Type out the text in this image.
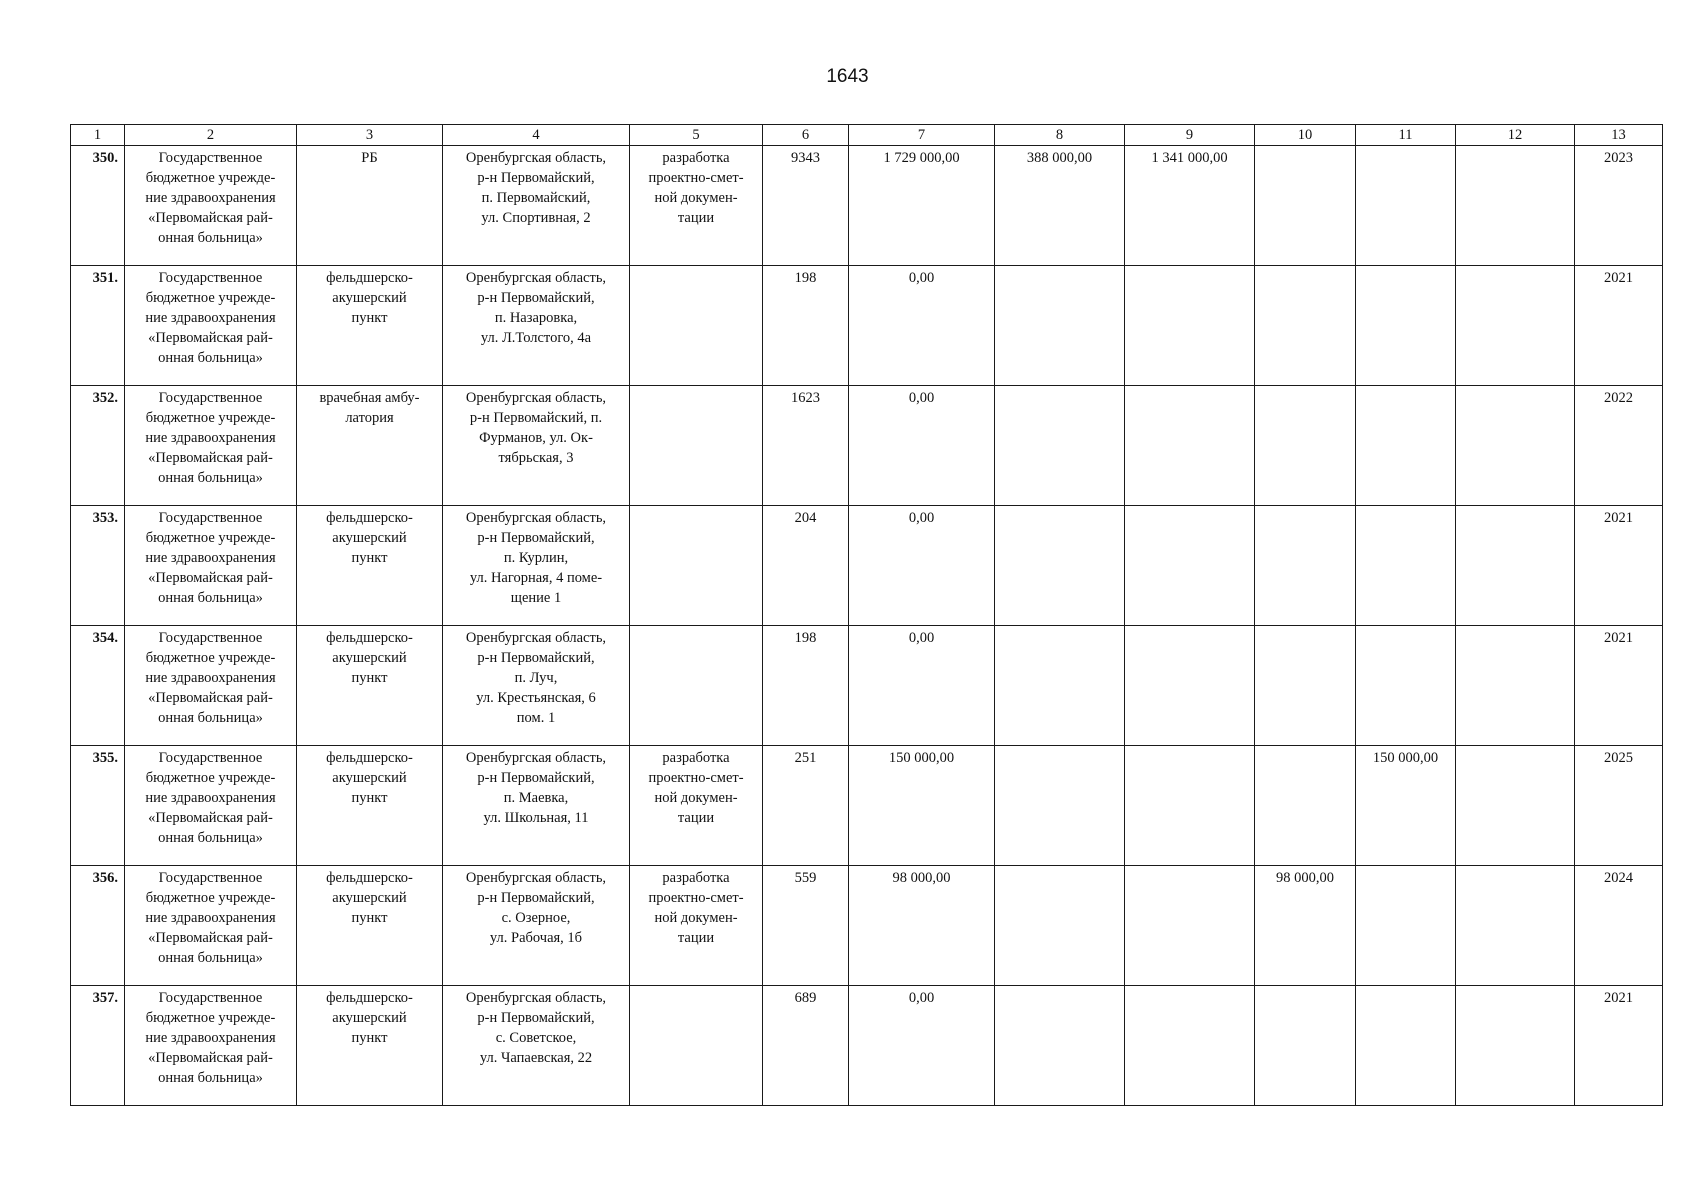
1643
1	2	3	4	5	6	7	8	9	10	11	12	13
350.	Государственное
бюджетное учрежде-
ние здравоохранения
«Первомайская рай-
онная больница»	РБ	Оренбургская область,
р-н Первомайский,
п. Первомайский,
ул. Спортивная, 2	разработка
проектно-смет-
ной докумен-
тации	9343	1 729 000,00	388 000,00	1 341 000,00				2023
351.	Государственное
бюджетное учрежде-
ние здравоохранения
«Первомайская рай-
онная больница»	фельдшерско-
акушерский
пункт	Оренбургская область,
р-н Первомайский,
п. Назаровка,
ул. Л.Толстого, 4а		198	0,00						2021
352.	Государственное
бюджетное учрежде-
ние здравоохранения
«Первомайская рай-
онная больница»	врачебная амбу-
латория	Оренбургская область,
р-н Первомайский, п.
Фурманов, ул. Ок-
тябрьская, 3		1623	0,00						2022
353.	Государственное
бюджетное учрежде-
ние здравоохранения
«Первомайская рай-
онная больница»	фельдшерско-
акушерский
пункт	Оренбургская область,
р-н Первомайский,
п. Курлин,
ул. Нагорная, 4 поме-
щение 1		204	0,00						2021
354.	Государственное
бюджетное учрежде-
ние здравоохранения
«Первомайская рай-
онная больница»	фельдшерско-
акушерский
пункт	Оренбургская область,
р-н Первомайский,
п. Луч,
ул. Крестьянская, 6
пом. 1		198	0,00						2021
355.	Государственное
бюджетное учрежде-
ние здравоохранения
«Первомайская рай-
онная больница»	фельдшерско-
акушерский
пункт	Оренбургская область,
р-н Первомайский,
п. Маевка,
ул. Школьная, 11	разработка
проектно-смет-
ной докумен-
тации	251	150 000,00				150 000,00		2025
356.	Государственное
бюджетное учрежде-
ние здравоохранения
«Первомайская рай-
онная больница»	фельдшерско-
акушерский
пункт	Оренбургская область,
р-н Первомайский,
с. Озерное,
ул. Рабочая, 1б	разработка
проектно-смет-
ной докумен-
тации	559	98 000,00			98 000,00			2024
357.	Государственное
бюджетное учрежде-
ние здравоохранения
«Первомайская рай-
онная больница»	фельдшерско-
акушерский
пункт	Оренбургская область,
р-н Первомайский,
с. Советское,
ул. Чапаевская, 22		689	0,00						2021
